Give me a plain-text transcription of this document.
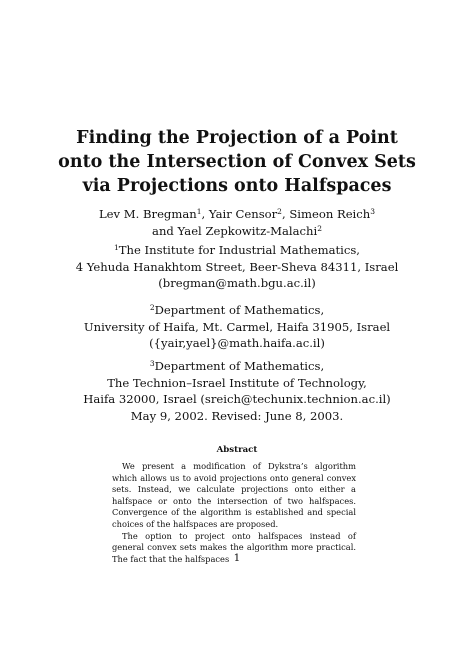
Finding the Projection of a Point
onto the Intersection of Convex Sets
via Projections onto Halfspaces
Lev M. Bregman$^1$, Yair Censor$^2$, Simeon Reich$^3$
and Yael Zepkowitz-Malachi$^2$
$^1$The Institute for Industrial Mathematics,
4 Yehuda Hanakhtom Street, Beer-Sheva 84311, Israel
(bregman@math.bgu.ac.il)
$^2$Department of Mathematics,
University of Haifa, Mt. Carmel, Haifa 31905, Israel
({yair,yael}@math.haifa.ac.il)
$^3$Department of Mathematics,
The Technion–Israel Institute of Technology,
Haifa 32000, Israel (sreich@techunix.technion.ac.il)
May 9, 2002. Revised: June 8, 2003.
Abstract

We present a modification of Dykstra’s algorithm which allows us to avoid projections onto general convex sets. Instead, we calculate projections onto either a halfspace or onto the intersection of two halfspaces. Convergence of the algorithm is established and special choices of the halfspaces are proposed.

The option to project onto halfspaces instead of general convex sets makes the algorithm more practical. The fact that the halfspaces 1
